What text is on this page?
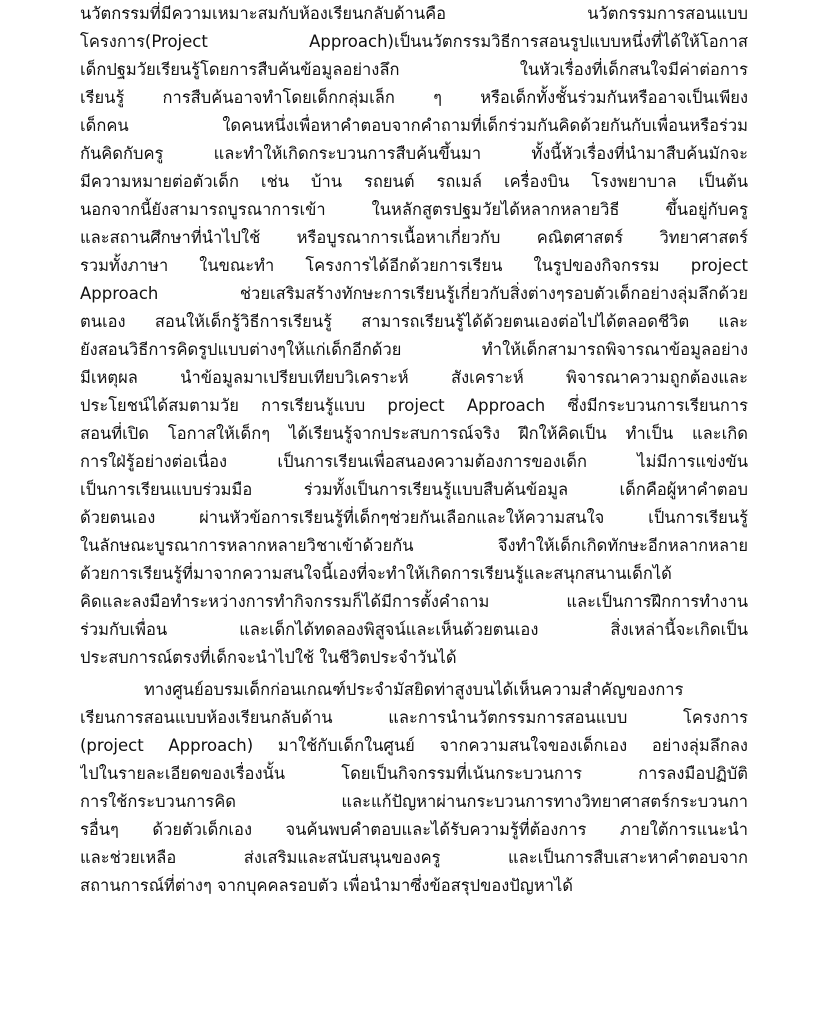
นวัตกรรมที่มีความเหมาะสมกับห้องเรียนกลับด้านคือ นวัตกรรมการสอนแบบ
โครงการ(Project Approach)เป็นนวัตกรรมวิธีการสอนรูปแบบหนึ่งที่ได้ให้โอกาส
เด็กปฐมวัยเรียนรู้โดยการสืบค้นข้อมูลอย่างลึก ในหัวเรื่องที่เด็กสนใจมีค่าต่อการ
เรียนรู้ การสืบค้นอาจทำโดยเด็กกลุ่มเล็ก ๆ หรือเด็กทั้งชั้นร่วมกันหรืออาจเป็นเพียง
เด็กคน ใดคนหนึ่งเพื่อหาคำตอบจากคำถามที่เด็กร่วมกันคิดด้วยกันกับเพื่อนหรือร่วม
กันคิดกับครู และทำให้เกิดกระบวนการสืบค้นขึ้นมา ทั้งนี้หัวเรื่องที่นำมาสืบค้นมักจะ
มีความหมายต่อตัวเด็ก เช่น บ้าน รถยนต์ รถเมล์ เครื่องบิน โรงพยาบาล เป็นต้น
นอกจากนี้ยังสามารถบูรณาการเข้า ในหลักสูตรปฐมวัยได้หลากหลายวิธี ขึ้นอยู่กับครู
และสถานศึกษาที่นำไปใช้ หรือบูรณาการเนื้อหาเกี่ยวกับ คณิตศาสตร์ วิทยาศาสตร์
รวมทั้งภาษา ในขณะทำ โครงการได้อีกด้วยการเรียน ในรูปของกิจกรรม project
Approach ช่วยเสริมสร้างทักษะการเรียนรู้เกี่ยวกับสิ่งต่างๆรอบตัวเด็กอย่างลุ่มลึกด้วย
ตนเอง สอนให้เด็กรู้วิธีการเรียนรู้ สามารถเรียนรู้ได้ด้วยตนเองต่อไปได้ตลอดชีวิต และ
ยังสอนวิธีการคิดรูปแบบต่างๆให้แก่เด็กอีกด้วย ทำให้เด็กสามารถพิจารณาข้อมูลอย่าง
มีเหตุผล นำข้อมูลมาเปรียบเทียบวิเคราะห์ สังเคราะห์ พิจารณาความถูกต้องและ
ประโยชน์ได้สมตามวัย การเรียนรู้แบบ project Approach ซึ่งมีกระบวนการเรียนการ
สอนที่เปิด โอกาสให้เด็กๆ ได้เรียนรู้จากประสบการณ์จริง ฝึกให้คิดเป็น ทำเป็น และเกิด
การใฝ่รู้อย่างต่อเนื่อง เป็นการเรียนเพื่อสนองความต้องการของเด็ก ไม่มีการแข่งขัน
เป็นการเรียนแบบร่วมมือ ร่วมทั้งเป็นการเรียนรู้แบบสืบค้นข้อมูล เด็กคือผู้หาคำตอบ
ด้วยตนเอง ผ่านหัวข้อการเรียนรู้ที่เด็กๆช่วยกันเลือกและให้ความสนใจ เป็นการเรียนรู้
ในลักษณะบูรณาการหลากหลายวิชาเข้าด้วยกัน จึงทำให้เด็กเกิดทักษะอีกหลากหลาย
ด้วยการเรียนรู้ที่มาจากความสนใจนี้เองที่จะทำให้เกิดการเรียนรู้และสนุกสนานเด็กได้
คิดและลงมือทำระหว่างการทำกิจกรรมก็ได้มีการตั้งคำถาม และเป็นการฝึกการทำงาน
ร่วมกับเพื่อน และเด็กได้ทดลองพิสูจน์และเห็นด้วยตนเอง สิ่งเหล่านี้จะเกิดเป็น
ประสบการณ์ตรงที่เด็กจะนำไปใช้ ในชีวิตประจำวันได้
ทางศูนย์อบรมเด็กก่อนเกณฑ์ประจำมัสยิดท่าสูงบนได้เห็นความสำคัญของการ
เรียนการสอนแบบห้องเรียนกลับด้าน และการนำนวัตกรรมการสอนแบบ โครงการ
(project Approach) มาใช้กับเด็กในศูนย์ จากความสนใจของเด็กเอง อย่างลุ่มลึกลง
ไปในรายละเอียดของเรื่องนั้น โดยเป็นกิจกรรมที่เน้นกระบวนการ การลงมือปฏิบัติ
การใช้กระบวนการคิด และแก้ปัญหาผ่านกระบวนการทางวิทยาศาสตร์กระบวนกา
รอื่นๆ ด้วยตัวเด็กเอง จนค้นพบคำตอบและได้รับความรู้ที่ต้องการ ภายใต้การแนะนำ
และช่วยเหลือ ส่งเสริมและสนับสนุนของครู และเป็นการสืบเสาะหาคำตอบจาก
สถานการณ์ที่ต่างๆ จากบุคคลรอบตัว เพื่อนำมาซึ่งข้อสรุปของปัญหาได้
